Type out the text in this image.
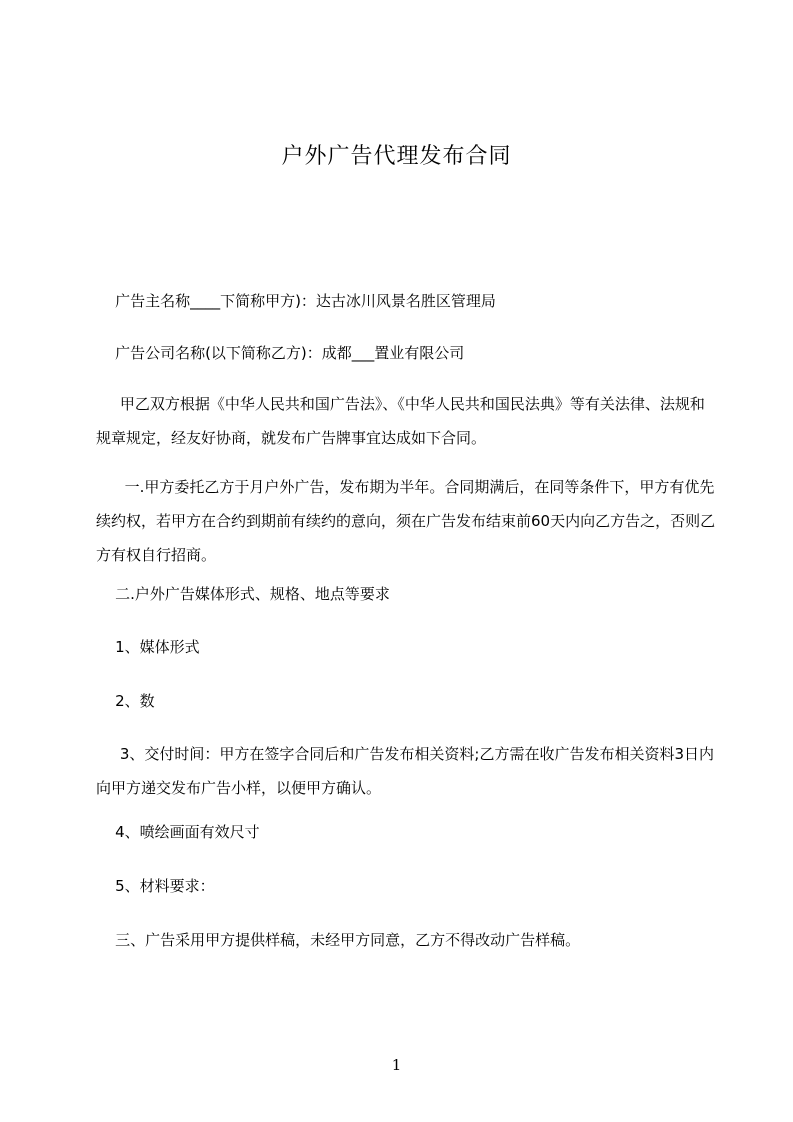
户外广告代理发布合同
广告主名称____下简称甲方)：达古冰川风景名胜区管理局
广告公司名称(以下简称乙方)：成都___置业有限公司
甲乙双方根据《中华人民共和国广告法》、《中华人民共和国民法典》等有关法律、法规和规章规定，经友好协商，就发布广告牌事宜达成如下合同。
一.甲方委托乙方于月户外广告，发布期为半年。合同期满后，在同等条件下，甲方有优先续约权，若甲方在合约到期前有续约的意向，须在广告发布结束前60天内向乙方告之，否则乙方有权自行招商。
二.户外广告媒体形式、规格、地点等要求
1、媒体形式
2、数
3、交付时间：甲方在签字合同后和广告发布相关资料;乙方需在收广告发布相关资料3日内向甲方递交发布广告小样，以便甲方确认。
4、喷绘画面有效尺寸
5、材料要求：
三、广告采用甲方提供样稿，未经甲方同意，乙方不得改动广告样稿。
1
